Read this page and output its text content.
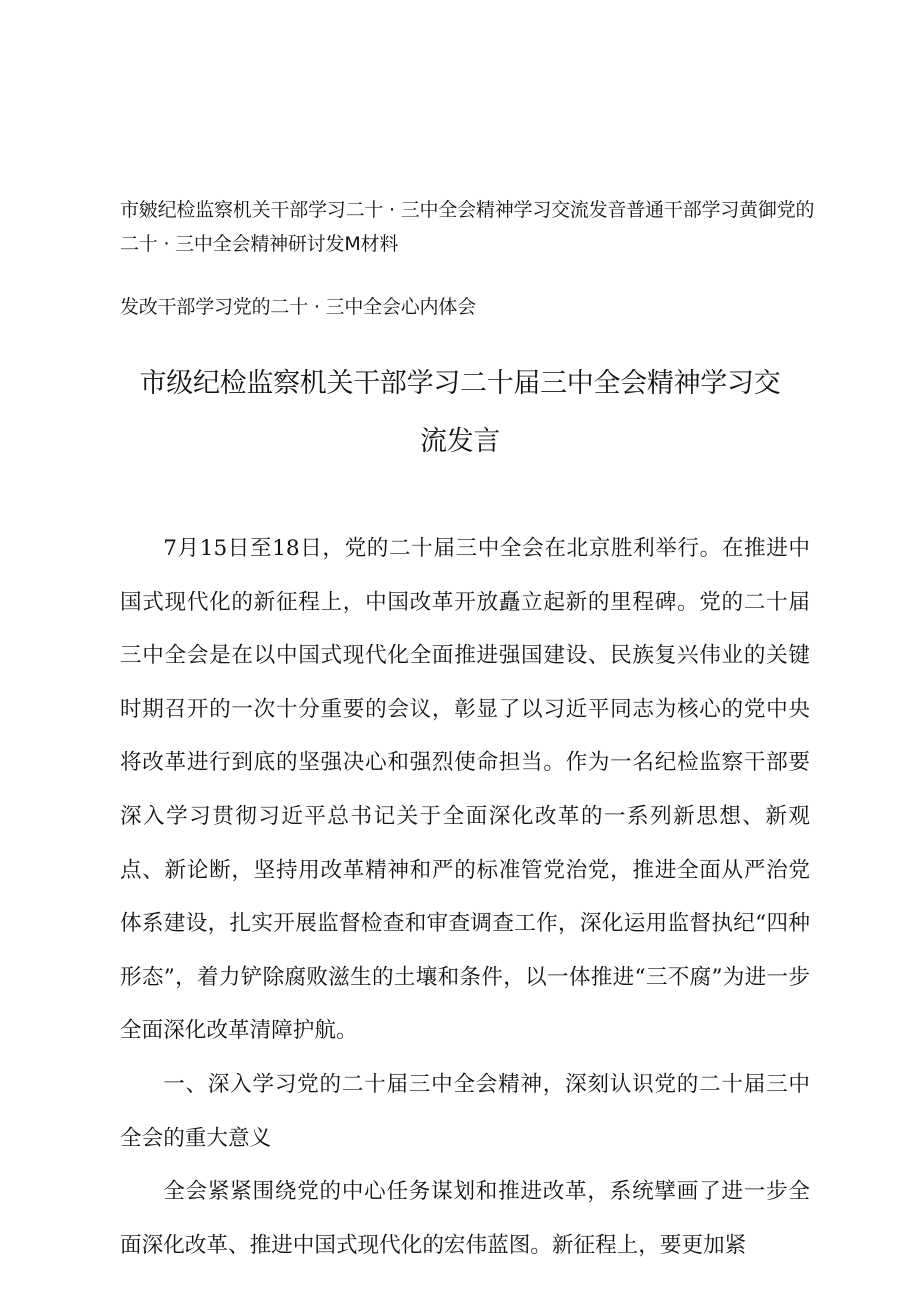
市皴纪检监察机关干部学习二十 · 三中全会精神学习交流发音普通干部学习黄御党的二十 · 三中全会精神研讨发M材料
发改干部学习党的二十 · 三中全会心内体会
市级纪检监察机关干部学习二十届三中全会精神学习交
流发言

7月15日至18日，党的二十届三中全会在北京胜利举行。在推进中国式现代化的新征程上，中国改革开放矗立起新的里程碑。党的二十届三中全会是在以中国式现代化全面推进强国建设、民族复兴伟业的关键时期召开的一次十分重要的会议，彰显了以习近平同志为核心的党中央将改革进行到底的坚强决心和强烈使命担当。作为一名纪检监察干部要深入学习贯彻习近平总书记关于全面深化改革的一系列新思想、新观点、新论断，坚持用改革精神和严的标准管党治党，推进全面从严治党体系建设，扎实开展监督检查和审查调查工作，深化运用监督执纪“四种形态”，着力铲除腐败滋生的土壤和条件，以一体推进“三不腐”为进一步全面深化改革清障护航。

一、深入学习党的二十届三中全会精神，深刻认识党的二十届三中全会的重大意义

全会紧紧围绕党的中心任务谋划和推进改革，系统擘画了进一步全面深化改革、推进中国式现代化的宏伟蓝图。新征程上，要更加紧
